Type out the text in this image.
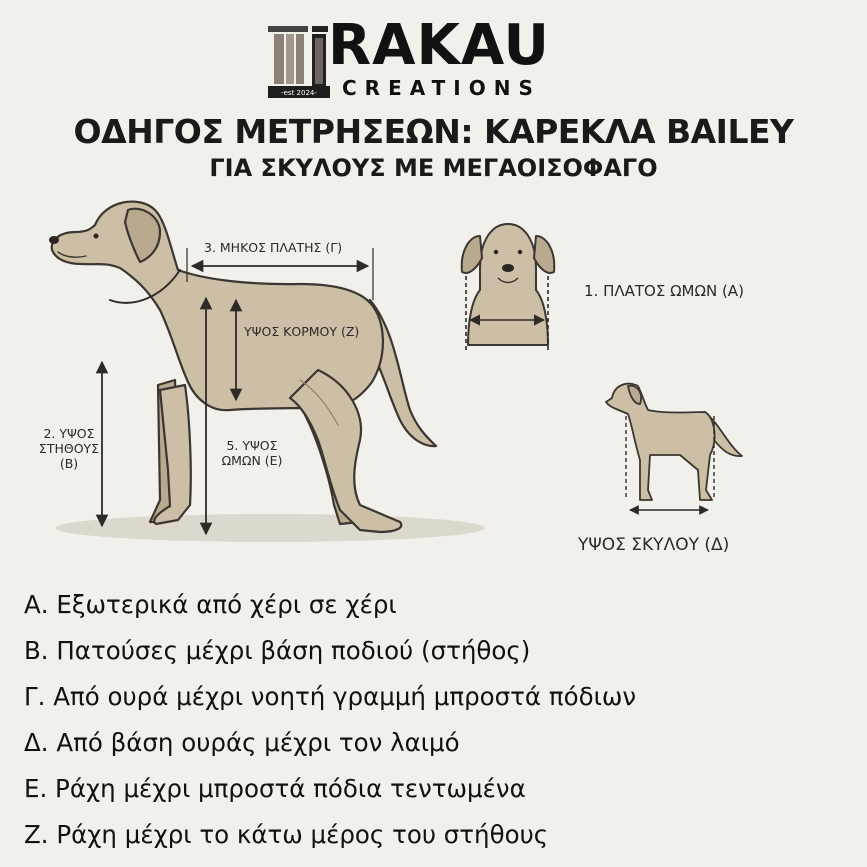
-est 2024-
RAKAU
CREATIONS
ΟΔΗΓΟΣ ΜΕΤΡΗΣΕΩΝ: ΚΑΡΕΚΛΑ BAILEY
ΓΙΑ ΣΚΥΛΟΥΣ ΜΕ ΜΕΓΑΟΙΣΟΦΑΓΟ
3. ΜΗΚΟΣ ΠΛΑΤΗΣ (Γ)
ΥΨΟΣ ΚΟΡΜΟΥ (Ζ)
2. ΥΨΟΣ
ΣΤΗΘΟΥΣ
(Β)
5. ΥΨΟΣ
ΩΜΩΝ (Ε)
1. ΠΛΑΤΟΣ ΩΜΩΝ (Α)
ΥΨΟΣ ΣΚΥΛΟΥ (Δ)
Α. Εξωτερικά από χέρι σε χέρι
Β. Πατούσες μέχρι βάση ποδιού (στήθος)
Γ. Από ουρά μέχρι νοητή γραμμή μπροστά πόδιων
Δ. Από βάση ουράς μέχρι τον λαιμό
Ε. Ράχη μέχρι μπροστά πόδια τεντωμένα
Ζ. Ράχη μέχρι το κάτω μέρος του στήθους
